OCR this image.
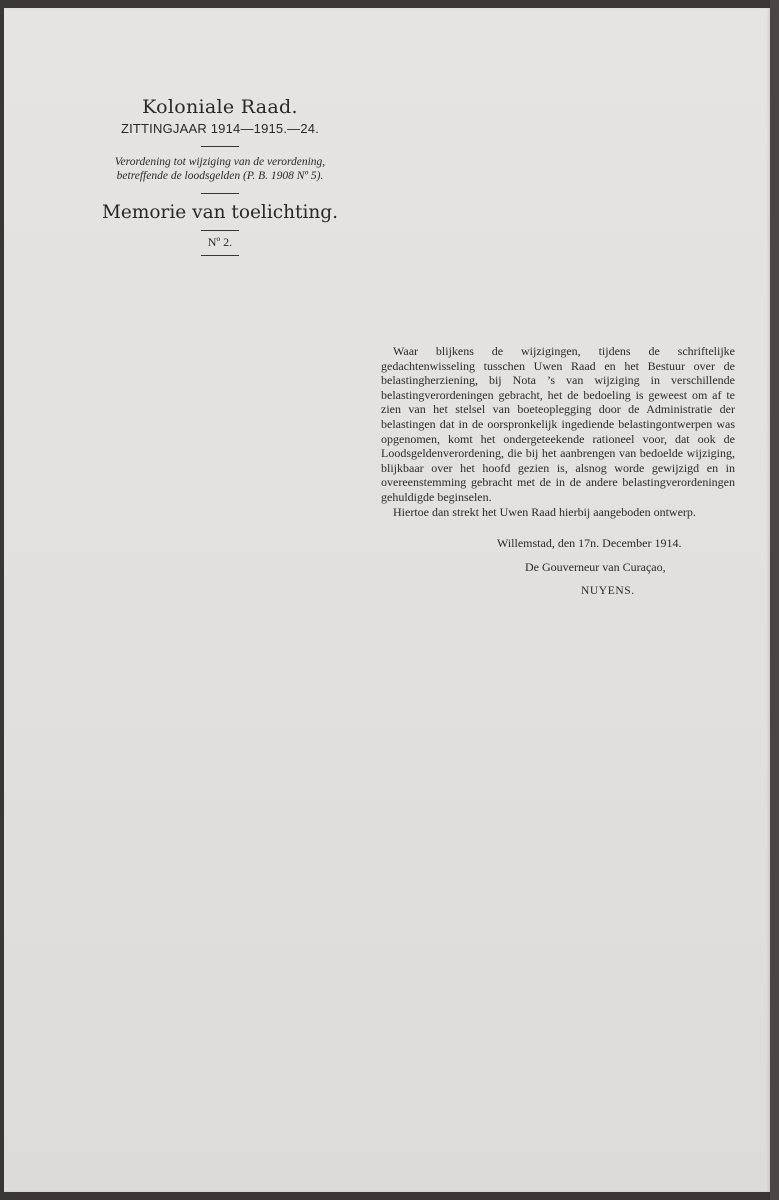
Koloniale Raad.
ZITTINGJAAR 1914—1915.—24.
Verordening tot wijziging van de verordening,
betreffende de loodsgelden (P. B. 1908 Nº 5).
Memorie van toelichting.
Nº 2.

Waar blijkens de wijzigingen, tijdens de schriftelijke gedachtenwisseling tusschen Uwen Raad en het Bestuur over de belastingherziening, bij Nota ’s van wijziging in verschillende belastingverordeningen gebracht, het de bedoeling is geweest om af te zien van het stelsel van boeteoplegging door de Administratie der belastingen dat in de oorspronkelijk ingediende belastingontwerpen was opgenomen, komt het ondergeteekende rationeel voor, dat ook de Loodsgeldenverordening, die bij het aanbrengen van bedoelde wijziging, blijkbaar over het hoofd gezien is, alsnog worde gewijzigd en in overeenstemming gebracht met de in de andere belastingverordeningen gehuldigde beginselen.

Hiertoe dan strekt het Uwen Raad hierbij aangeboden ontwerp.

Willemstad, den 17n. December 1914.
De Gouverneur van Curaçao,
NUYENS.
